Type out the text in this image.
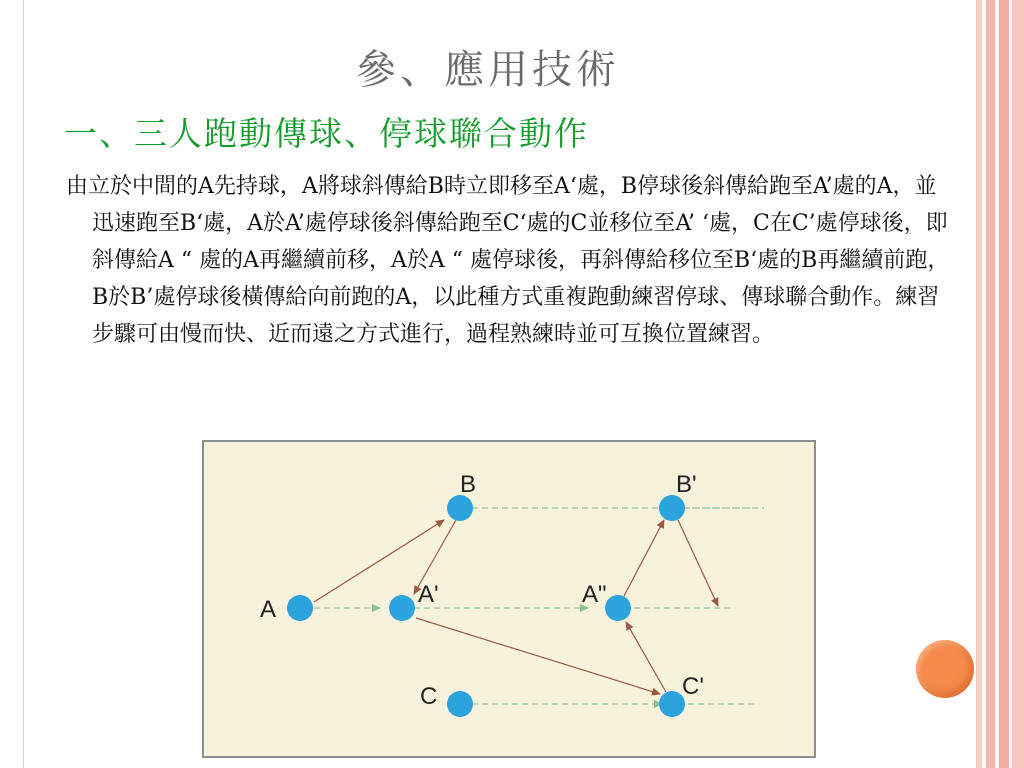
參、應用技術
一、三人跑動傳球、停球聯合動作
由立於中間的A先持球，A將球斜傳給B時立即移至A‘處，B停球後斜傳給跑至A’處的A，並迅速跑至B‘處，A於A’處停球後斜傳給跑至C‘處的C並移位至A’ ‘處，C在C’處停球後，即斜傳給A “ 處的A再繼續前移，A於A “ 處停球後，再斜傳給移位至B‘處的B再繼續前跑，B於B’處停球後橫傳給向前跑的A，以此種方式重複跑動練習停球、傳球聯合動作。練習步驟可由慢而快、近而遠之方式進行，過程熟練時並可互換位置練習。
A
A'
B	B'
A"
C	C'
